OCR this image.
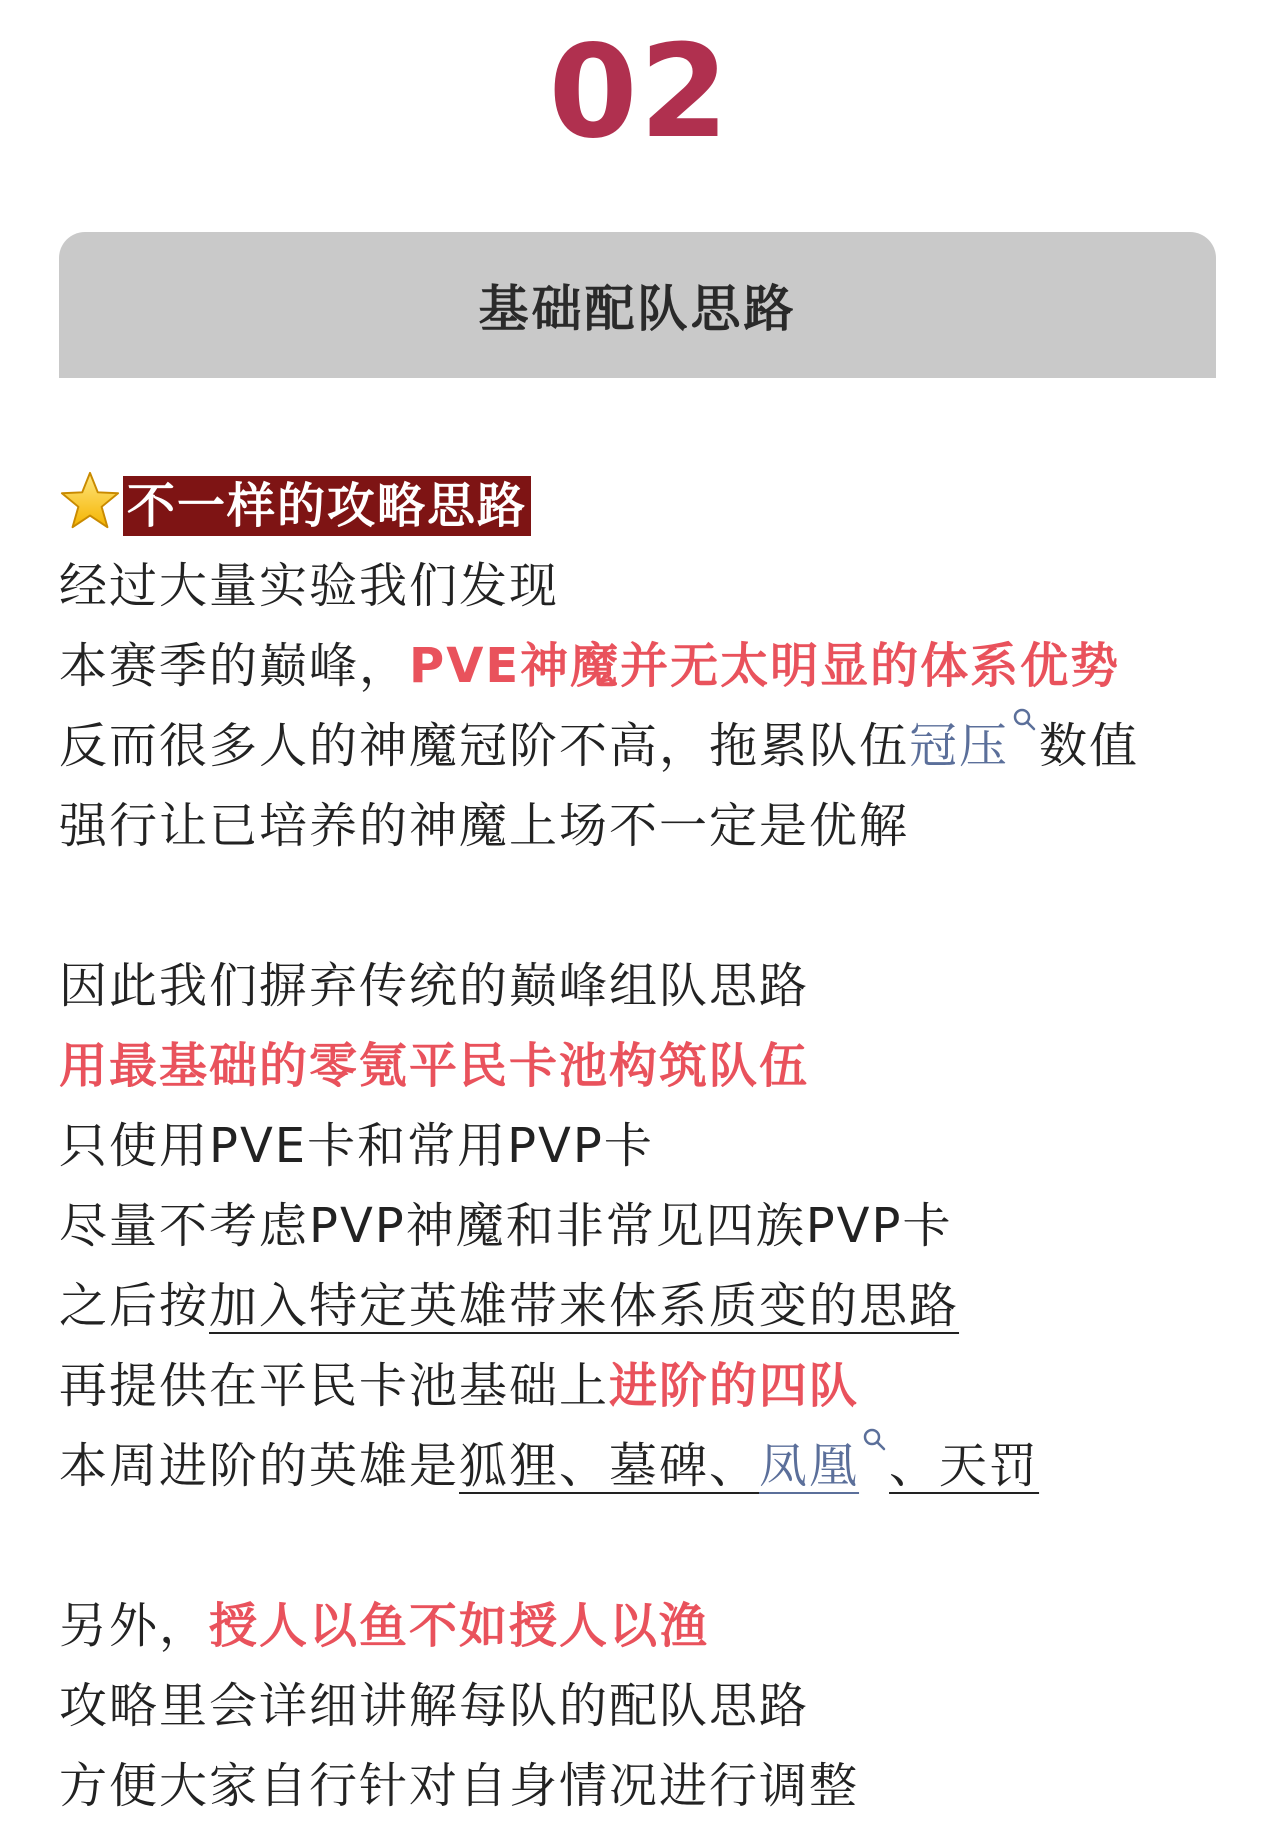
02
基础配队思路
不一样的攻略思路
经过大量实验我们发现
本赛季的巅峰，PVE神魔并无太明显的体系优势
反而很多人的神魔冠阶不高，拖累队伍冠压 数值
强行让已培养的神魔上场不一定是优解
因此我们摒弃传统的巅峰组队思路
用最基础的零氪平民卡池构筑队伍
只使用PVE卡和常用PVP卡
尽量不考虑PVP神魔和非常见四族PVP卡
之后按加入特定英雄带来体系质变的思路
再提供在平民卡池基础上进阶的四队
本周进阶的英雄是狐狸、墓碑、凤凰 、天罚
另外，授人以鱼不如授人以渔
攻略里会详细讲解每队的配队思路
方便大家自行针对自身情况进行调整
